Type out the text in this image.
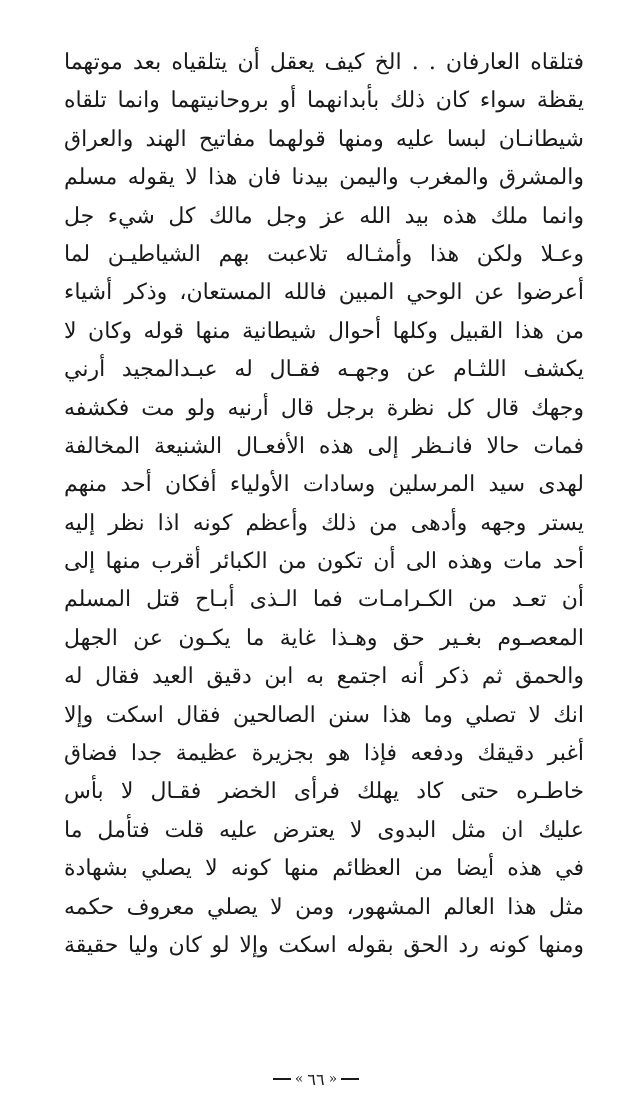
فتلقاه العارفان . . الخ كيف يعقل أن يتلقياه بعد موتهما
يقظة سواء كان ذلك بأبدانهما أو بروحانيتهما وانما تلقاه
شيطانـان لبسا عليه ومنها قولهما مفاتيح الهند والعراق
والمشرق والمغرب واليمن بيدنا فان هذا لا يقوله مسلم
وانما ملك هذه بيد الله عز وجل مالك كل شيء جل
وعـلا ولكن هذا وأمثـاله تلاعبت بهم الشياطيـن لما
أعرضوا عن الوحي المبين فالله المستعان، وذكر أشياء
من هذا القبيل وكلها أحوال شيطانية منها قوله وكان لا
يكشف اللثـام عن وجهـه فقـال له عبـدالمجيد أرني
وجهك قال كل نظرة برجل قال أرنيه ولو مت فكشفه
فمات حالا فانـظر إلى هذه الأفعـال الشنيعة المخالفة
لهدى سيد المرسلين وسادات الأولياء أفكان أحد منهم
يستر وجهه وأدهى من ذلك وأعظم كونه اذا نظر إليه
أحد مات وهذه الى أن تكون من الكبائر أقرب منها إلى
أن تعـد من الكـرامـات فما الـذى أبـاح قتل المسلم
المعصـوم بغـير حق وهـذا غاية ما يكـون عن الجهل
والحمق ثم ذكر أنه اجتمع به ابن دقيق العيد فقال له
انك لا تصلي وما هذا سنن الصالحين فقال اسكت وإلا
أغبر دقيقك ودفعه فإذا هو بجزيرة عظيمة جدا فضاق
خاطـره حتى كاد يهلك فرأى الخضر فقـال لا بأس
عليك ان مثل البدوى لا يعترض عليه قلت فتأمل ما
في هذه أيضا من العظائم منها كونه لا يصلي بشهادة
مثل هذا العالم المشهور، ومن لا يصلي معروف حكمه
ومنها كونه رد الحق بقوله اسكت وإلا لو كان وليا حقيقة
«
٦٦
»
